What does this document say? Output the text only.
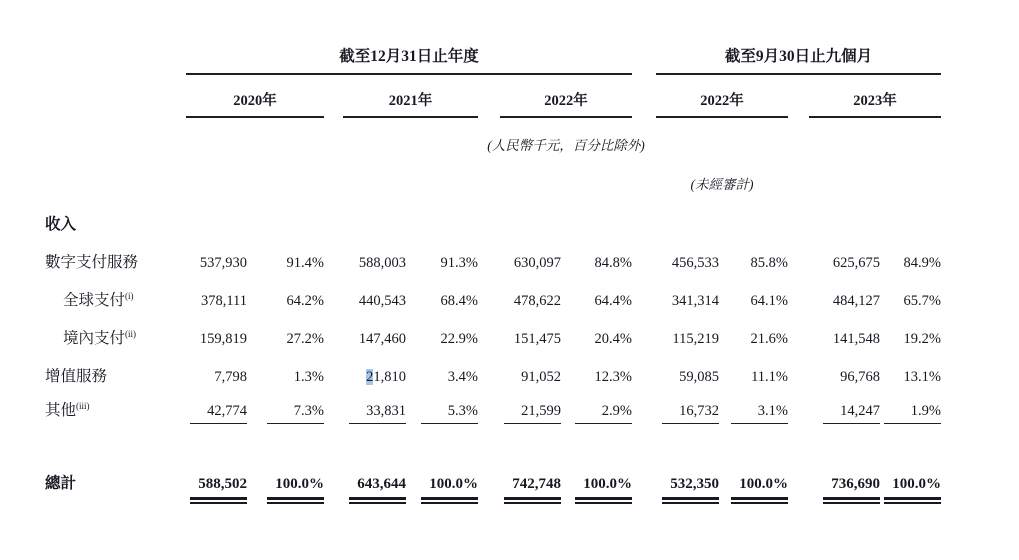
截至12月31日止年度	截至9月30日止九個月
2020年	2021年	2022年	2022年	2023年
(人民幣千元，百分比除外)
(未經審計)
收入
數字支付服務	537,930	91.4%	588,003	91.3%	630,097	84.8%	456,533	85.8%	625,675	84.9%
全球支付$^{(i)}$	378,111	64.2%	440,543	68.4%	478,622	64.4%	341,314	64.1%	484,127	65.7%
境內支付$^{(ii)}$	159,819	27.2%	147,460	22.9%	151,475	20.4%	115,219	21.6%	141,548	19.2%
增值服務	7,798	1.3%	21,810	3.4%	91,052	12.3%	59,085	11.1%	96,768	13.1%
其他$^{(iii)}$	42,774	7.3%	33,831	5.3%	21,599	2.9%	16,732	3.1%	14,247	1.9%
總計	588,502	100.0%	643,644	100.0%	742,748	100.0%	532,350	100.0%	736,690 100.0%
